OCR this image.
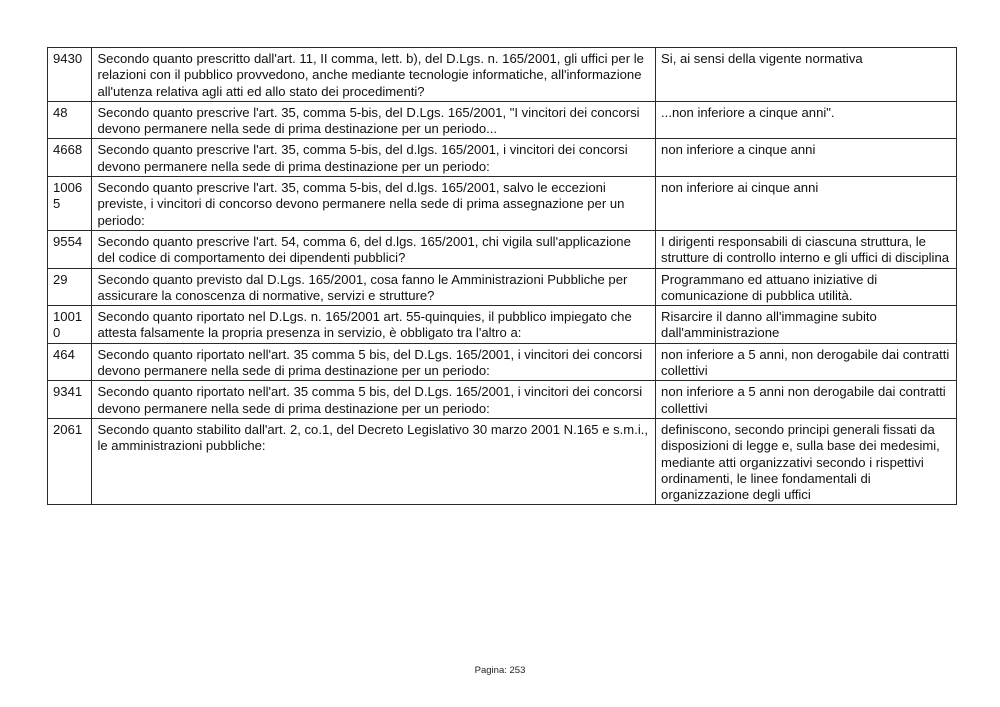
9430	Secondo quanto prescritto dall'art. 11, II comma, lett. b), del D.Lgs. n. 165/2001, gli uffici per le relazioni con il pubblico provvedono, anche mediante tecnologie informatiche, all'informazione all'utenza relativa agli atti ed allo stato dei procedimenti?	Si, ai sensi della vigente normativa
48	Secondo quanto prescrive l'art. 35, comma 5-bis, del D.Lgs. 165/2001, "I vincitori dei concorsi devono permanere nella sede di prima destinazione per un periodo...	...non inferiore a cinque anni".
4668	Secondo quanto prescrive l'art. 35, comma 5-bis, del d.lgs. 165/2001, i vincitori dei concorsi devono permanere nella sede di prima destinazione per un periodo:	non inferiore a cinque anni
10065	Secondo quanto prescrive l'art. 35, comma 5-bis, del d.lgs. 165/2001, salvo le eccezioni previste, i vincitori di concorso devono permanere nella sede di prima assegnazione per un periodo:	non inferiore ai cinque anni
9554	Secondo quanto prescrive l'art. 54, comma 6, del d.lgs. 165/2001, chi vigila sull'applicazione del codice di comportamento dei dipendenti pubblici?	I dirigenti responsabili di ciascuna struttura, le strutture di controllo interno e gli uffici di disciplina
29	Secondo quanto previsto dal D.Lgs. 165/2001, cosa fanno le Amministrazioni Pubbliche per assicurare la conoscenza di normative, servizi e strutture?	Programmano ed attuano iniziative di comunicazione di pubblica utilità.
10010	Secondo quanto riportato nel D.Lgs. n. 165/2001 art. 55-quinquies, il pubblico impiegato che attesta falsamente la propria presenza in servizio, è obbligato tra l'altro a:	Risarcire il danno all'immagine subito dall'amministrazione
464	Secondo quanto riportato nell'art. 35 comma 5 bis, del D.Lgs. 165/2001, i vincitori dei concorsi devono permanere nella sede di prima destinazione per un periodo:	non inferiore a 5 anni, non derogabile dai contratti collettivi
9341	Secondo quanto riportato nell'art. 35 comma 5 bis, del D.Lgs. 165/2001, i vincitori dei concorsi devono permanere nella sede di prima destinazione per un periodo:	non inferiore a 5 anni non derogabile dai contratti collettivi
2061	Secondo quanto stabilito dall'art. 2, co.1, del Decreto Legislativo 30 marzo 2001 N.165 e s.m.i., le amministrazioni pubbliche:	definiscono, secondo principi generali fissati da disposizioni di legge e, sulla base dei medesimi, mediante atti organizzativi secondo i rispettivi ordinamenti, le linee fondamentali di organizzazione degli uffici
Pagina: 253
